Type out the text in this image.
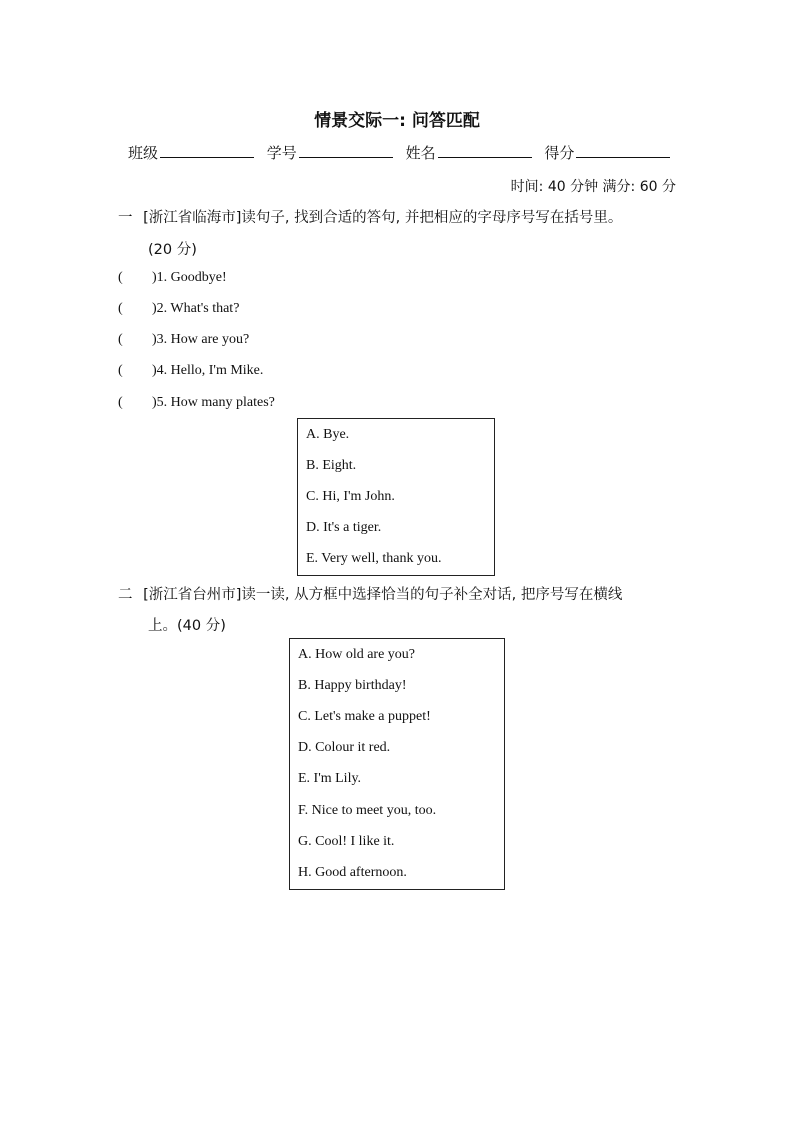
情景交际一: 问答匹配
班级	学号	姓名	得分
时间: 40 分钟 满分: 60 分
一 [浙江省临海市]读句子, 找到合适的答句, 并把相应的字母序号写在括号里。
(20 分)
( )1. Goodbye!
( )2. What's that?
( )3. How are you?
( )4. Hello, I'm Mike.
( )5. How many plates?
A. Bye.
B. Eight.
C. Hi, I'm John.
D. It's a tiger.
E. Very well, thank you.
二 [浙江省台州市]读一读, 从方框中选择恰当的句子补全对话, 把序号写在横线
上。(40 分)
A. How old are you?
B. Happy birthday!
C. Let's make a puppet!
D. Colour it red.
E. I'm Lily.
F. Nice to meet you, too.
G. Cool! I like it.
H. Good afternoon.
